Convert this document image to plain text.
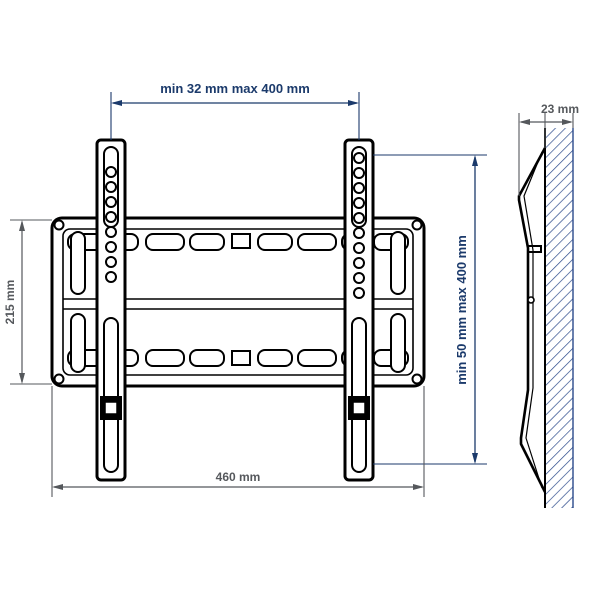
min 32 mm max 400 mm
min 50 mm max 400 mm
215 mm
460 mm
23 mm
